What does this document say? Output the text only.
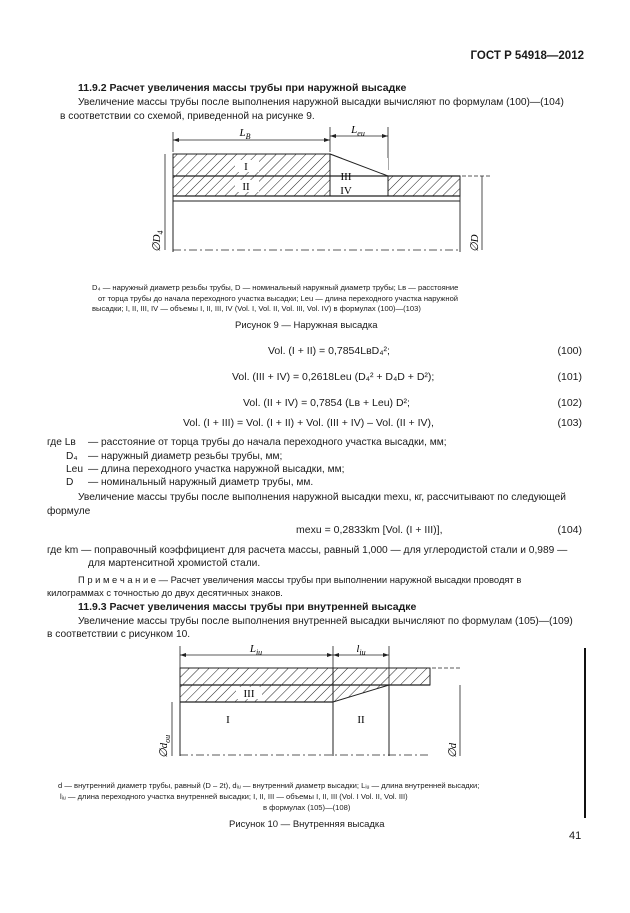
ГОСТ Р 54918—2012
11.9.2 Расчет увеличения массы трубы при наружной высадке
Увеличение массы трубы после выполнения наружной высадки вычисляют по формулам (100)—(104)
в соответствии со схемой, приведенной на рисунке 9.
I
II
III
IV
$L_B$
$L_{eu}$
$\emptyset D_4$
∅D
D₄ — наружный диаметр резьбы трубы, D — номинальный наружный диаметр трубы; Lв — расстояние
от торца трубы до начала переходного участка высадки; Leu — длина переходного участка наружной
высадки; I, II, III, IV — объемы I, II, III, IV (Vol. I, Vol. II, Vol. III, Vol. IV) в формулах (100)—(103)
Рисунок 9 — Наружная высадка
Vol. (I + II) = 0,7854LвD₄²;	(100)
Vol. (III + IV) = 0,2618Leu (D₄² + D₄D + D²);	(101)
Vol. (II + IV) = 0,7854 (Lв + Leu) D²;	(102)
Vol. (I + III) = Vol. (I + II) + Vol. (III + IV) – Vol. (II + IV),	(103)
где Lв — расстояние от торца трубы до начала переходного участка высадки, мм;
D₄ — наружный диаметр резьбы трубы, мм;
Leu — длина переходного участка наружной высадки, мм;
D — номинальный наружный диаметр трубы, мм.
Увеличение массы трубы после выполнения наружной высадки mexu, кг, рассчитывают по следующей
формуле
mexu = 0,2833km [Vol. (I + III)],	(104)
где km — поправочный коэффициент для расчета массы, равный 1,000 — для углеродистой стали и 0,989 —
для мартенситной хромистой стали.
П р и м е ч а н и е — Расчет увеличения массы трубы при выполнении наружной высадки проводят в
килограммах с точностью до двух десятичных знаков.
11.9.3 Расчет увеличения массы трубы при внутренней высадке
Увеличение массы трубы после выполнения внутренней высадки вычисляют по формулам (105)—(109)
в соответствии с рисунком 10.
III
I	II
$L_{iu}$	$l_{iu}$
$\emptyset d_{ou}$
∅d
d — внутренний диаметр трубы, равный (D – 2t), dᵢᵤ — внутренний диаметр высадки; Lᵢᵤ — длина внутренней высадки;
lᵢᵤ — длина переходного участка внутренней высадки; I, II, III — объемы I, II, III (Vol. I Vol. II, Vol. III)
в формулах (105)—(108)
Рисунок 10 — Внутренняя высадка
41
